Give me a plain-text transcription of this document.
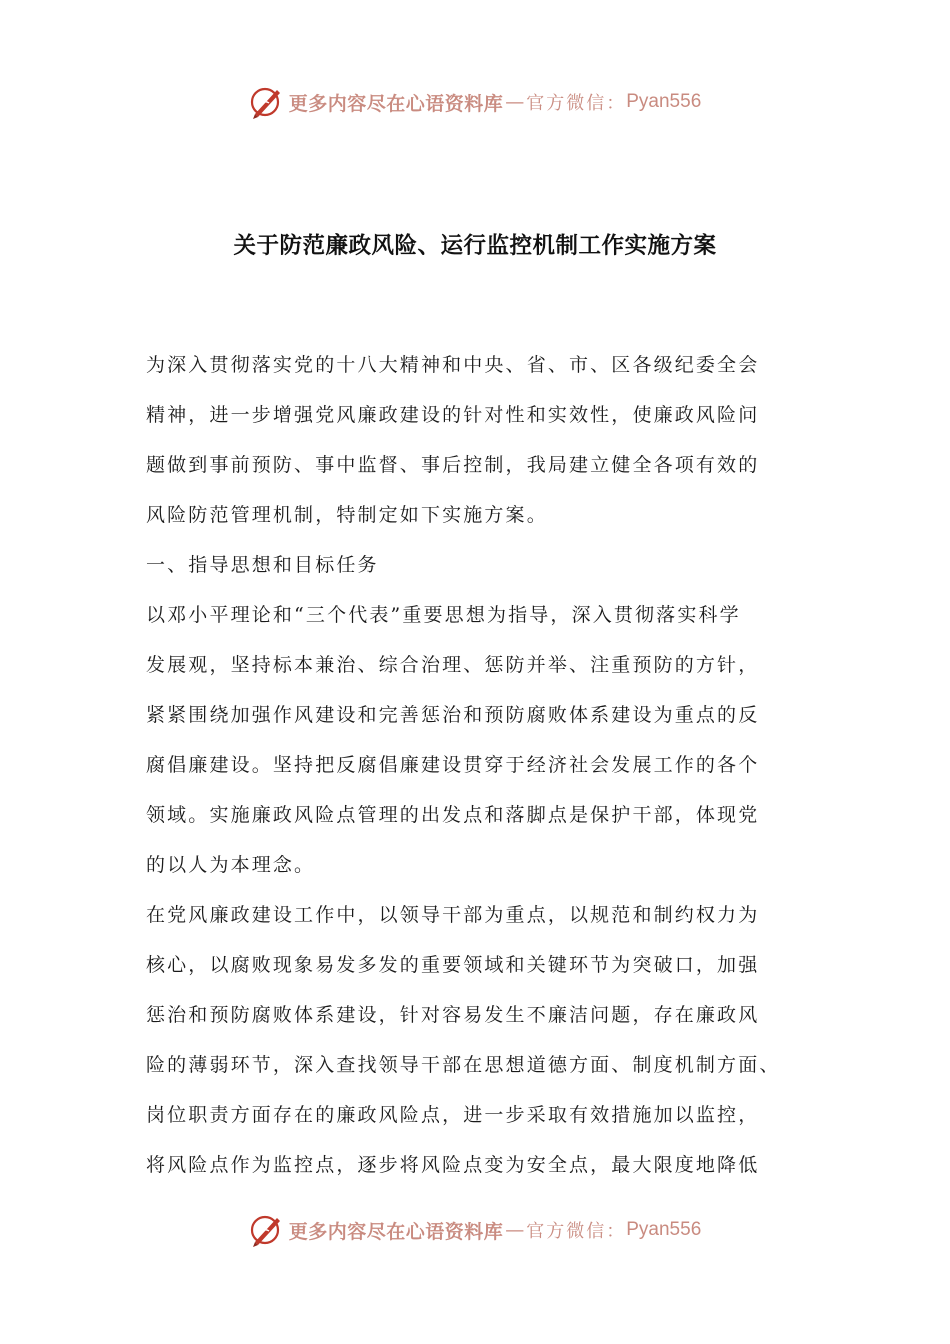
更多内容尽在心语资料库 — 官方微信： Pyan556
关于防范廉政风险、运行监控机制工作实施方案
为深入贯彻落实党的十八大精神和中央、省、市、区各级纪委全会
精神，进一步增强党风廉政建设的针对性和实效性，使廉政风险问
题做到事前预防、事中监督、事后控制，我局建立健全各项有效的
风险防范管理机制，特制定如下实施方案。
一、指导思想和目标任务
以邓小平理论和“三个代表”重要思想为指导，深入贯彻落实科学
发展观，坚持标本兼治、综合治理、惩防并举、注重预防的方针，
紧紧围绕加强作风建设和完善惩治和预防腐败体系建设为重点的反
腐倡廉建设。坚持把反腐倡廉建设贯穿于经济社会发展工作的各个
领域。实施廉政风险点管理的出发点和落脚点是保护干部，体现党
的以人为本理念。
在党风廉政建设工作中，以领导干部为重点，以规范和制约权力为
核心，以腐败现象易发多发的重要领域和关键环节为突破口，加强
惩治和预防腐败体系建设，针对容易发生不廉洁问题，存在廉政风
险的薄弱环节，深入查找领导干部在思想道德方面、制度机制方面、
岗位职责方面存在的廉政风险点，进一步采取有效措施加以监控，
将风险点作为监控点，逐步将风险点变为安全点，最大限度地降低
更多内容尽在心语资料库 — 官方微信： Pyan556
